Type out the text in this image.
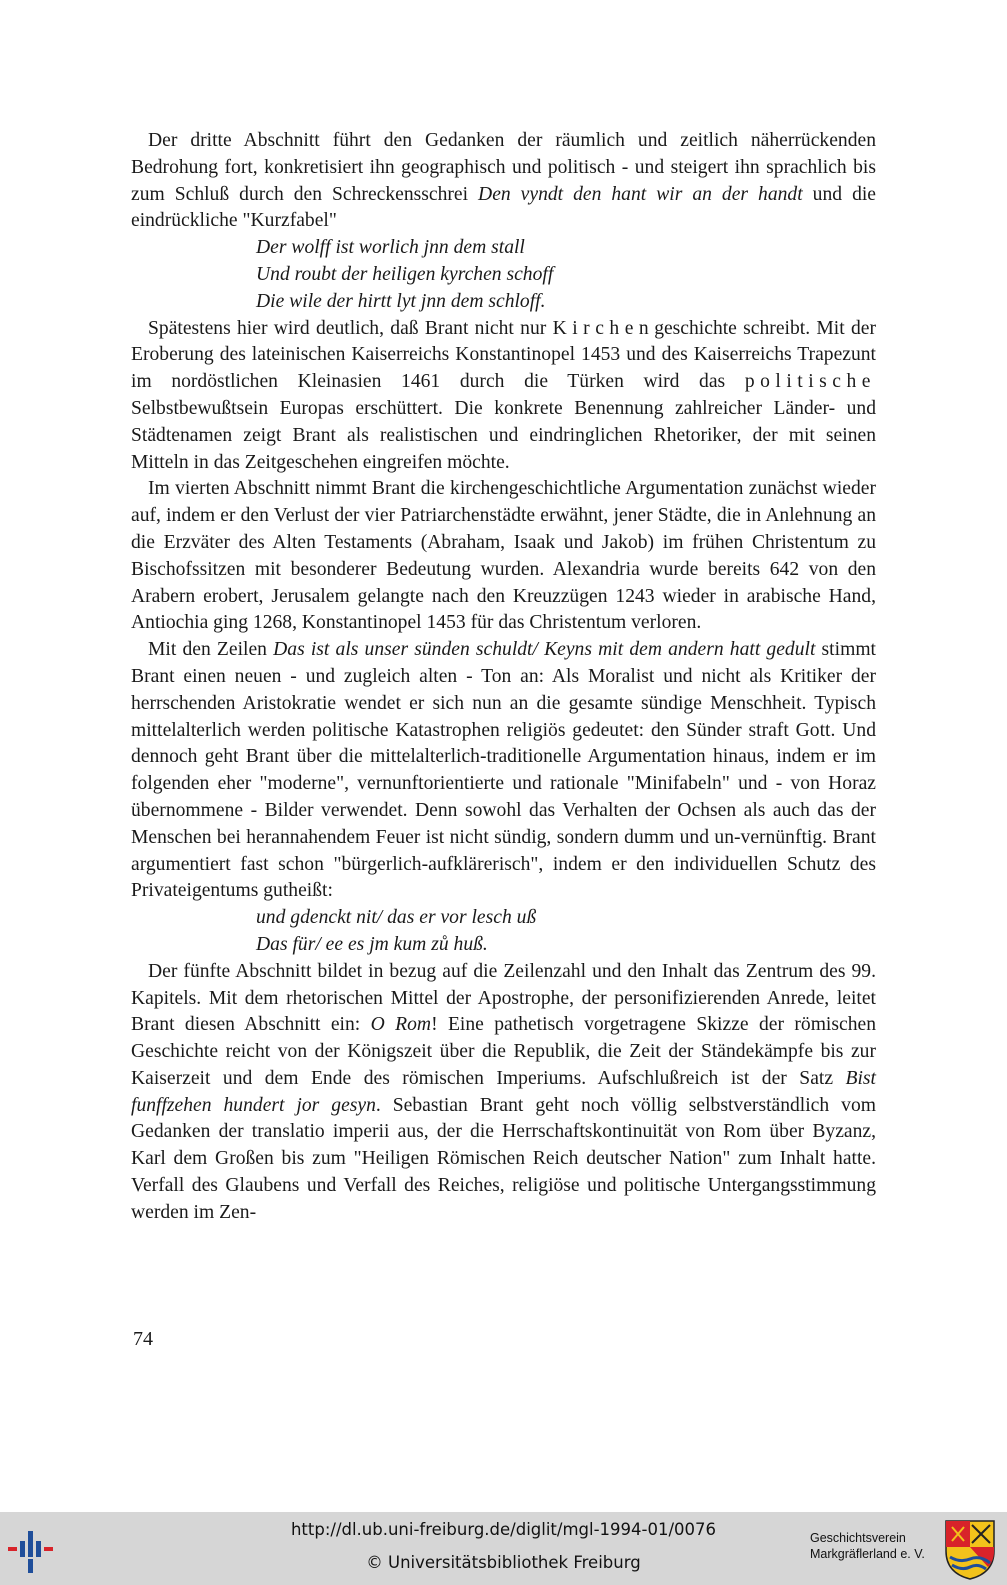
Der dritte Abschnitt führt den Gedanken der räumlich und zeitlich näherrückenden Bedrohung fort, konkretisiert ihn geographisch und politisch - und steigert ihn sprachlich bis zum Schluß durch den Schreckensschrei Den vyndt den hant wir an der handt und die eindrückliche "Kurzfabel"

Der wolff ist worlich jnn dem stall

Und roubt der heiligen kyrchen schoff

Die wile der hirtt lyt jnn dem schloff.

Spätestens hier wird deutlich, daß Brant nicht nur Kirchengeschichte schreibt. Mit der Eroberung des lateinischen Kaiserreichs Konstantinopel 1453 und des Kaiserreichs Trapezunt im nordöstlichen Kleinasien 1461 durch die Türken wird das politische Selbstbewußtsein Europas erschüttert. Die konkrete Benennung zahlreicher Länder- und Städtenamen zeigt Brant als realistischen und eindringlichen Rhetoriker, der mit seinen Mitteln in das Zeitgeschehen eingreifen möchte.

Im vierten Abschnitt nimmt Brant die kirchengeschichtliche Argumentation zunächst wieder auf, indem er den Verlust der vier Patriarchenstädte erwähnt, jener Städte, die in Anlehnung an die Erzväter des Alten Testaments (Abraham, Isaak und Jakob) im frühen Christentum zu Bischofssitzen mit besonderer Bedeutung wurden. Alexandria wurde bereits 642 von den Arabern erobert, Jerusalem gelangte nach den Kreuzzügen 1243 wieder in arabische Hand, Antiochia ging 1268, Konstantinopel 1453 für das Christentum verloren.

Mit den Zeilen Das ist als unser sünden schuldt/ Keyns mit dem andern hatt gedult stimmt Brant einen neuen - und zugleich alten - Ton an: Als Moralist und nicht als Kritiker der herrschenden Aristokratie wendet er sich nun an die gesamte sündige Menschheit. Typisch mittelalterlich werden politische Katastrophen religiös gedeutet: den Sünder straft Gott. Und dennoch geht Brant über die mittelalterlich-traditionelle Argumentation hinaus, indem er im folgenden eher "moderne", vernunftorientierte und rationale "Minifabeln" und - von Horaz übernommene - Bilder verwendet. Denn sowohl das Verhalten der Ochsen als auch das der Menschen bei herannahendem Feuer ist nicht sündig, sondern dumm und un-vernünftig. Brant argumentiert fast schon "bürgerlich-aufklärerisch", indem er den individuellen Schutz des Privateigentums gutheißt:

und gdenckt nit/ das er vor lesch uß

Das für/ ee es jm kum zů huß.

Der fünfte Abschnitt bildet in bezug auf die Zeilenzahl und den Inhalt das Zentrum des 99. Kapitels. Mit dem rhetorischen Mittel der Apostrophe, der personifizierenden Anrede, leitet Brant diesen Abschnitt ein: O Rom! Eine pathetisch vorgetragene Skizze der römischen Geschichte reicht von der Königszeit über die Republik, die Zeit der Ständekämpfe bis zur Kaiserzeit und dem Ende des römischen Imperiums. Aufschlußreich ist der Satz Bist funffzehen hundert jor gesyn. Sebastian Brant geht noch völlig selbstverständlich vom Gedanken der translatio imperii aus, der die Herrschaftskontinuität von Rom über Byzanz, Karl dem Großen bis zum "Heiligen Römischen Reich deutscher Nation" zum Inhalt hatte. Verfall des Glaubens und Verfall des Reiches, religiöse und politische Untergangsstimmung werden im Zen-

74
http://dl.ub.uni-freiburg.de/diglit/mgl-1994-01/0076
© Universitätsbibliothek Freiburg
Geschichtsverein
Markgräflerland e. V.
